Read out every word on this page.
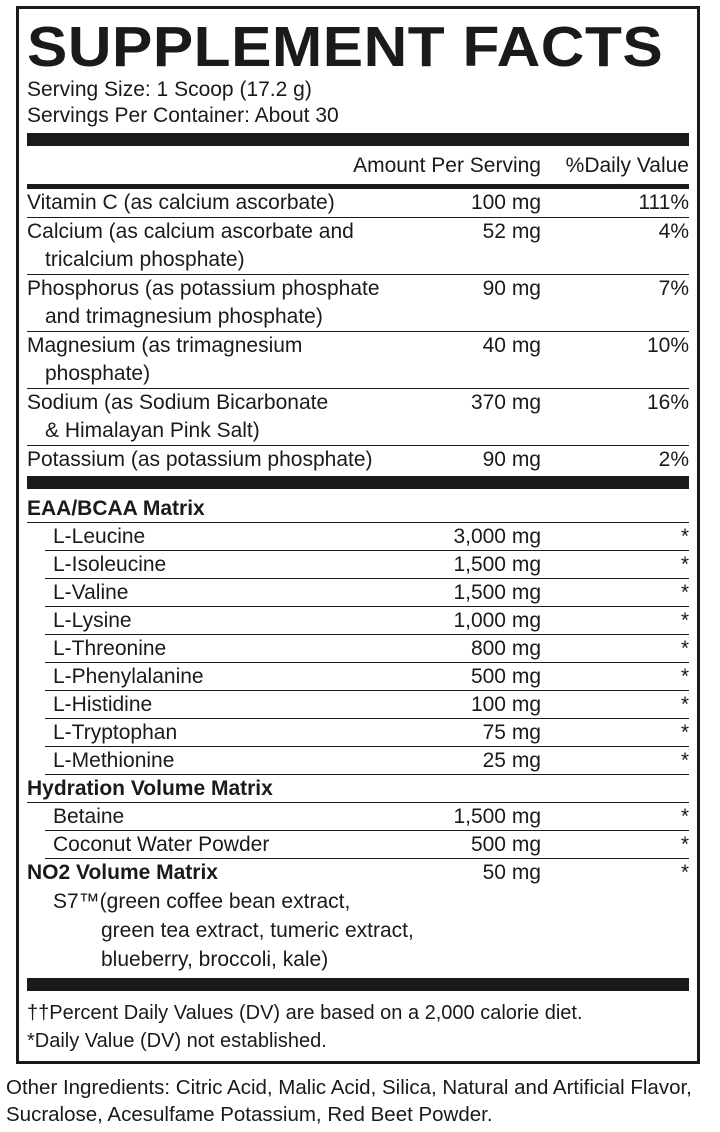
SUPPLEMENT FACTS
Serving Size: 1 Scoop (17.2 g)
Servings Per Container: About 30
Amount Per Serving %Daily Value
Vitamin C (as calcium ascorbate)	100 mg	111%
Calcium (as calcium ascorbate and
tricalcium phosphate)
52 mg	4%
Phosphorus (as potassium phosphate
and trimagnesium phosphate)
90 mg	7%
Magnesium (as trimagnesium
phosphate)
40 mg	10%
Sodium (as Sodium Bicarbonate
& Himalayan Pink Salt)
370 mg	16%
Potassium (as potassium phosphate)	90 mg	2%
EAA/BCAA Matrix
L-Leucine	3,000 mg	*
L-Isoleucine	1,500 mg	*
L-Valine	1,500 mg	*
L-Lysine	1,000 mg	*
L-Threonine	800 mg	*
L-Phenylalanine	500 mg	*
L-Histidine	100 mg	*
L-Tryptophan	75 mg	*
L-Methionine	25 mg	*
Hydration Volume Matrix
Betaine	1,500 mg	*
Coconut Water Powder	500 mg	*
NO2 Volume Matrix	50 mg	*
S7™(green coffee bean extract,
green tea extract, tumeric extract,
blueberry, broccoli, kale)
††Percent Daily Values (DV) are based on a 2,000 calorie diet.
*Daily Value (DV) not established.
Other Ingredients: Citric Acid, Malic Acid, Silica, Natural and Artificial Flavor, Sucralose, Acesulfame Potassium, Red Beet Powder.
